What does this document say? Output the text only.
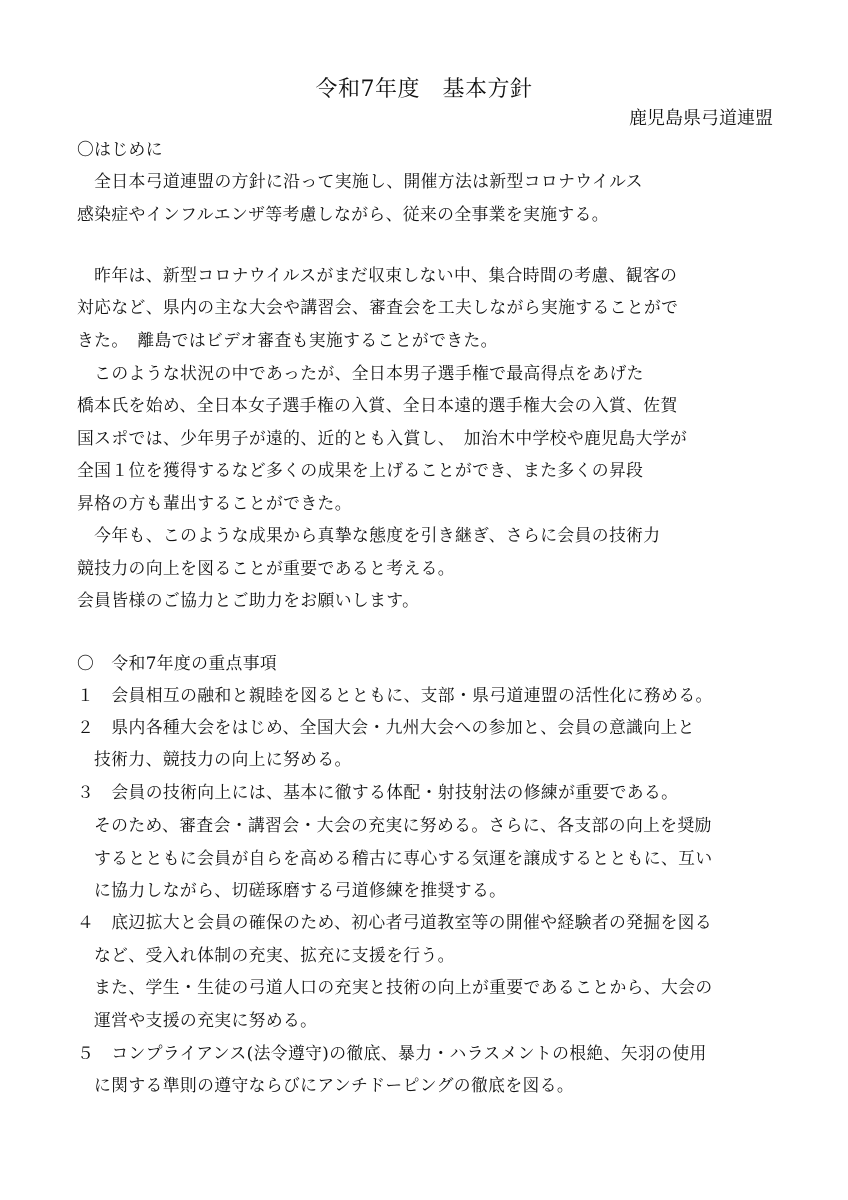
令和7年度　基本方針
鹿児島県弓道連盟
〇はじめに
　全日本弓道連盟の方針に沿って実施し、開催方法は新型コロナウイルス
感染症やインフルエンザ等考慮しながら、従来の全事業を実施する。
　昨年は、新型コロナウイルスがまだ収束しない中、集合時間の考慮、観客の
対応など、県内の主な大会や講習会、審査会を工夫しながら実施することがで
きた。　離島ではビデオ審査も実施することができた。
　このような状況の中であったが、全日本男子選手権で最高得点をあげた
橋本氏を始め、全日本女子選手権の入賞、全日本遠的選手権大会の入賞、佐賀
国スポでは、少年男子が遠的、近的とも入賞し、　加治木中学校や鹿児島大学が
全国１位を獲得するなど多くの成果を上げることができ、また多くの昇段
昇格の方も輩出することができた。
　今年も、このような成果から真摯な態度を引き継ぎ、さらに会員の技術力
競技力の向上を図ることが重要であると考える。
会員皆様のご協力とご助力をお願いします。
〇　令和7年度の重点事項
１　会員相互の融和と親睦を図るとともに、支部・県弓道連盟の活性化に務める。
２　県内各種大会をはじめ、全国大会・九州大会への参加と、会員の意識向上と
技術力、競技力の向上に努める。
３　会員の技術向上には、基本に徹する体配・射技射法の修練が重要である。
そのため、審査会・講習会・大会の充実に努める。さらに、各支部の向上を奨励
するとともに会員が自らを高める稽古に専心する気運を譲成するとともに、互い
に協力しながら、切磋琢磨する弓道修練を推奨する。
４　底辺拡大と会員の確保のため、初心者弓道教室等の開催や経験者の発掘を図る
など、受入れ体制の充実、拡充に支援を行う。
また、学生・生徒の弓道人口の充実と技術の向上が重要であることから、大会の
運営や支援の充実に努める。
５　コンプライアンス(法令遵守)の徹底、暴力・ハラスメントの根絶、矢羽の使用
に関する準則の遵守ならびにアンチドーピングの徹底を図る。
